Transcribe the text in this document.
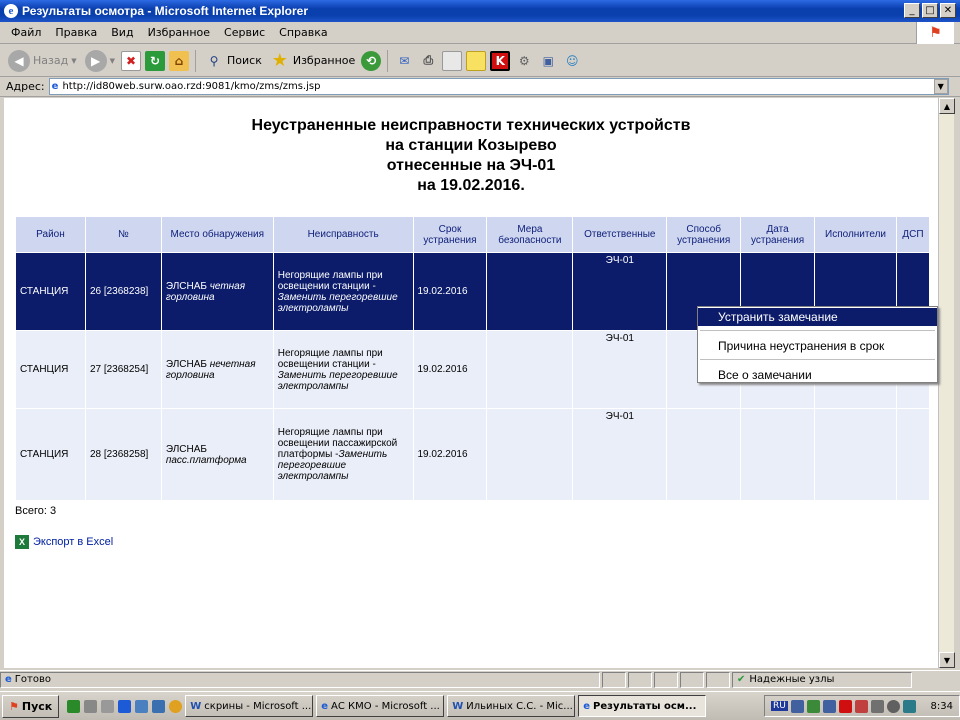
e Результаты осмотра - Microsoft Internet Explorer	_	□ ✕
Файл	Правка	Вид	Избранное	Сервис	Справка	⚑
◀ Назад ▼	▶	▼ ✖	↻	⌂	⚲ Поиск ★ Избранное ⟲	✉	⎙	K	⚙	▣	☺
Адрес: e http://id80web.surw.oao.rzd:9081/kmo/zms/zms.jsp	▼
Неустраненные неисправности технических устройств
на станции Козырево
отнесенные на ЭЧ-01
на 19.02.2016.
Район	№	Место обнаружения	Неисправность	Срок устранения	Мера безопасности	Ответственные	Способ устранения	Дата устранения	Исполнители	ДСП
СТАНЦИЯ	26 [2368238]	ЭЛСНАБ четная горловина	Негорящие лампы при освещении станции - Заменить перегоревшие электролампы	19.02.2016		ЭЧ-01				
СТАНЦИЯ	27 [2368254]	ЭЛСНАБ нечетная горловина	Негорящие лампы при освещении станции - Заменить перегоревшие электролампы	19.02.2016		ЭЧ-01				
СТАНЦИЯ	28 [2368258]	ЭЛСНАБ пасс.платформа	Негорящие лампы при освещении пассажирской платформы -Заменить перегоревшие электролампы	19.02.2016		ЭЧ-01				
Всего: 3
X Экспорт в Excel
▲
▼
Устранить замечание
Причина неустранения в срок
Все о замечании
e Готово	✔ Надежные узлы
⚑ Пуск	W скрины - Microsoft ... e АС КМО - Microsoft ... W Ильиных С.С. - Mic... e Результаты осм...	RU	8:34
